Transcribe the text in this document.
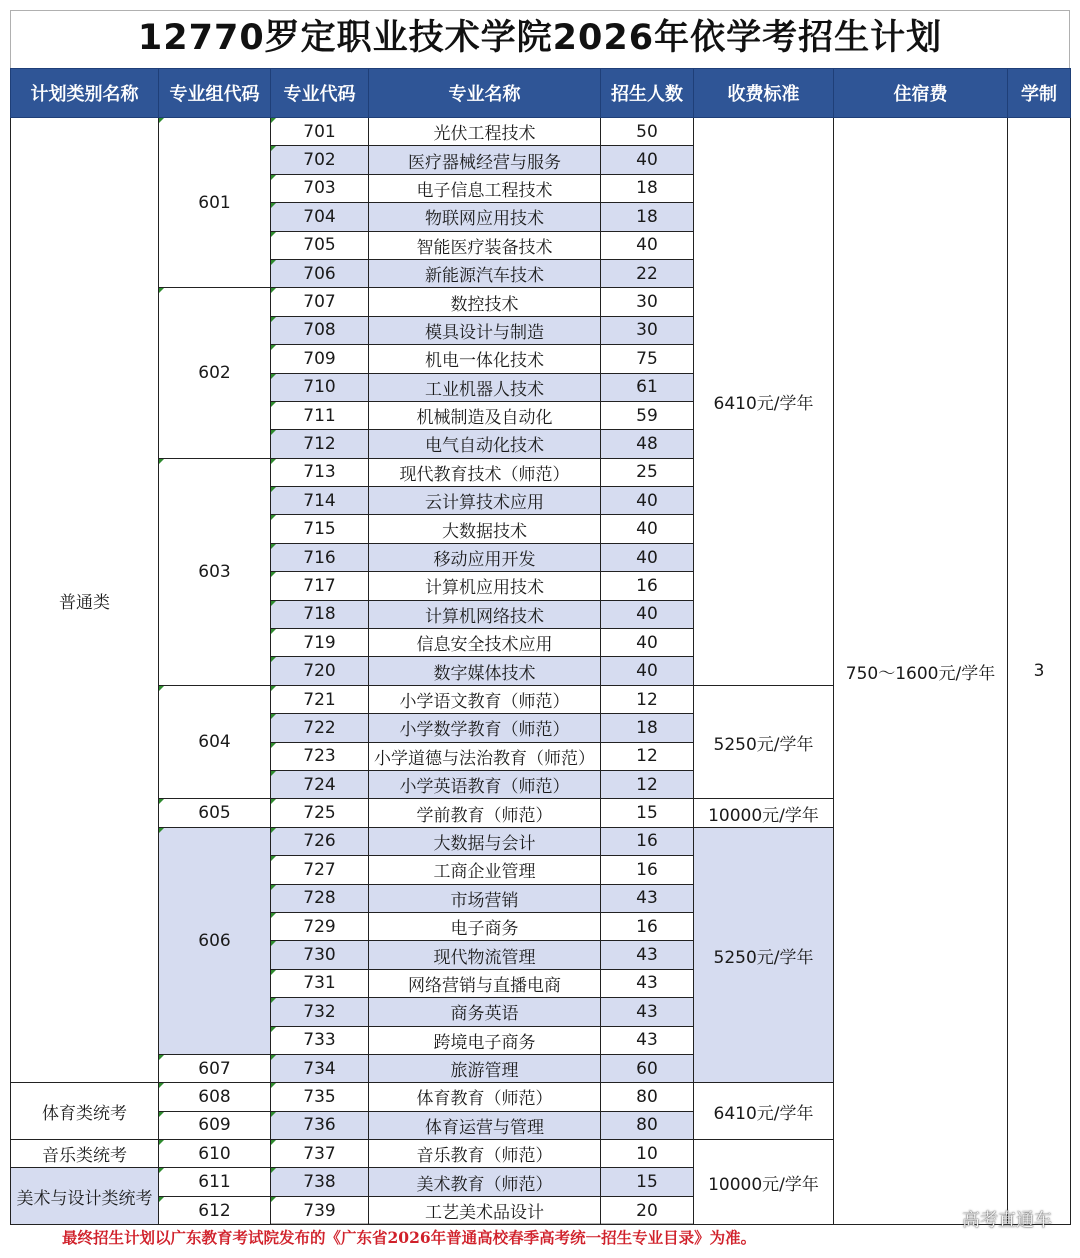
12770罗定职业技术学院2026年依学考招生计划
计划类别名称	专业组代码	专业代码	专业名称	招生人数	收费标准	住宿费	学制
普通类	601	701	光伏工程技术	50	6410元/学年	750～1600元/学年	3
		702	医疗器械经营与服务	40			
		703	电子信息工程技术	18			
		704	物联网应用技术	18			
		705	智能医疗装备技术	40			
		706	新能源汽车技术	22			
	602	707	数控技术	30			
		708	模具设计与制造	30			
		709	机电一体化技术	75			
		710	工业机器人技术	61			
		711	机械制造及自动化	59			
		712	电气自动化技术	48			
	603	713	现代教育技术（师范）	25			
		714	云计算技术应用	40			
		715	大数据技术	40			
		716	移动应用开发	40			
		717	计算机应用技术	16			
		718	计算机网络技术	40			
		719	信息安全技术应用	40			
		720	数字媒体技术	40			
	604	721	小学语文教育（师范）	12	5250元/学年		
		722	小学数学教育（师范）	18			
		723	小学道德与法治教育（师范）	12			
		724	小学英语教育（师范）	12			
	605	725	学前教育（师范）	15	10000元/学年		
	606	726	大数据与会计	16	5250元/学年		
		727	工商企业管理	16			
		728	市场营销	43			
		729	电子商务	16			
		730	现代物流管理	43			
		731	网络营销与直播电商	43			
		732	商务英语	43			
		733	跨境电子商务	43			
	607	734	旅游管理	60			
体育类统考	608	735	体育教育（师范）	80	6410元/学年		
	609	736	体育运营与管理	80			
音乐类统考	610	737	音乐教育（师范）	10	10000元/学年		
美术与设计类统考	611	738	美术教育（师范）	15			
	612	739	工艺美术品设计	20			
最终招生计划以广东教育考试院发布的《广东省2026年普通高校春季高考统一招生专业目录》为准。
高考直通车
